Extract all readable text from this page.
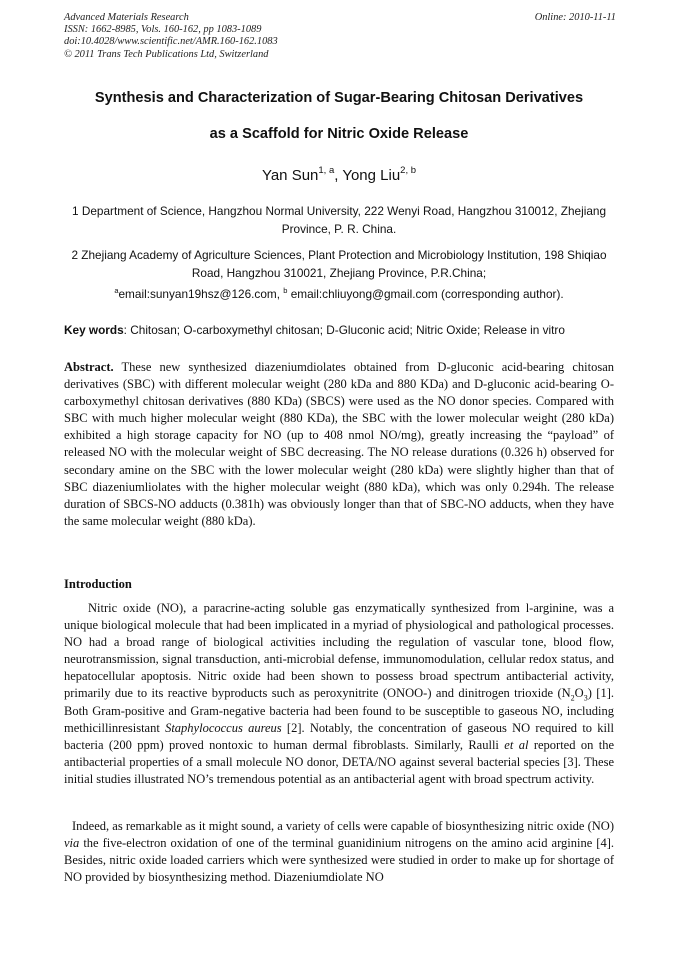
Advanced Materials Research
ISSN: 1662-8985, Vols. 160-162, pp 1083-1089
doi:10.4028/www.scientific.net/AMR.160-162.1083
© 2011 Trans Tech Publications Ltd, Switzerland
Online: 2010-11-11
Synthesis and Characterization of Sugar-Bearing Chitosan Derivatives
as a Scaffold for Nitric Oxide Release
Yan Sun$^{1, a}$, Yong Liu$^{2, b}$
1 Department of Science, Hangzhou Normal University, 222 Wenyi Road, Hangzhou 310012, Zhejiang Province, P. R. China.
2 Zhejiang Academy of Agriculture Sciences, Plant Protection and Microbiology Institution, 198 Shiqiao Road, Hangzhou 310021, Zhejiang Province, P.R.China;
$^a$email:sunyan19hsz@126.com, $^b$ email:chliuyong@gmail.com (corresponding author).
Key words: Chitosan; O-carboxymethyl chitosan; D-Gluconic acid; Nitric Oxide; Release in vitro
Abstract. These new synthesized diazeniumdiolates obtained from D-gluconic acid-bearing chitosan derivatives (SBC) with different molecular weight (280 kDa and 880 KDa) and D-gluconic acid-bearing O-carboxymethyl chitosan derivatives (880 KDa) (SBCS) were used as the NO donor species. Compared with SBC with much higher molecular weight (880 KDa), the SBC with the lower molecular weight (280 kDa) exhibited a high storage capacity for NO (up to 408 nmol NO/mg), greatly increasing the “payload” of released NO with the molecular weight of SBC decreasing. The NO release durations (0.326 h) observed for secondary amine on the SBC with the lower molecular weight (280 kDa) were slightly higher than that of SBC diazeniumliolates with the higher molecular weight (880 kDa), which was only 0.294h. The release duration of SBCS-NO adducts (0.381h) was obviously longer than that of SBC-NO adducts, when they have the same molecular weight (880 kDa).
Introduction
Nitric oxide (NO), a paracrine-acting soluble gas enzymatically synthesized from l-arginine, was a unique biological molecule that had been implicated in a myriad of physiological and pathological processes. NO had a broad range of biological activities including the regulation of vascular tone, blood flow, neurotransmission, signal transduction, anti-microbial defense, immunomodulation, cellular redox status, and hepatocellular apoptosis. Nitric oxide had been shown to possess broad spectrum antibacterial activity, primarily due to its reactive byproducts such as peroxynitrite (ONOO-) and dinitrogen trioxide $(N_2O_3)$ [1]. Both Gram-positive and Gram-negative bacteria had been found to be susceptible to gaseous NO, including methicillinresistant Staphylococcus aureus [2]. Notably, the concentration of gaseous NO required to kill bacteria (200 ppm) proved nontoxic to human dermal fibroblasts. Similarly, Raulli et al reported on the antibacterial properties of a small molecule NO donor, DETA/NO against several bacterial species [3]. These initial studies illustrated NO’s tremendous potential as an antibacterial agent with broad spectrum activity.
Indeed, as remarkable as it might sound, a variety of cells were capable of biosynthesizing nitric oxide (NO) via the five-electron oxidation of one of the terminal guanidinium nitrogens on the amino acid arginine [4]. Besides, nitric oxide loaded carriers which were synthesized were studied in order to make up for shortage of NO provided by biosynthesizing method. Diazeniumdiolate NO
